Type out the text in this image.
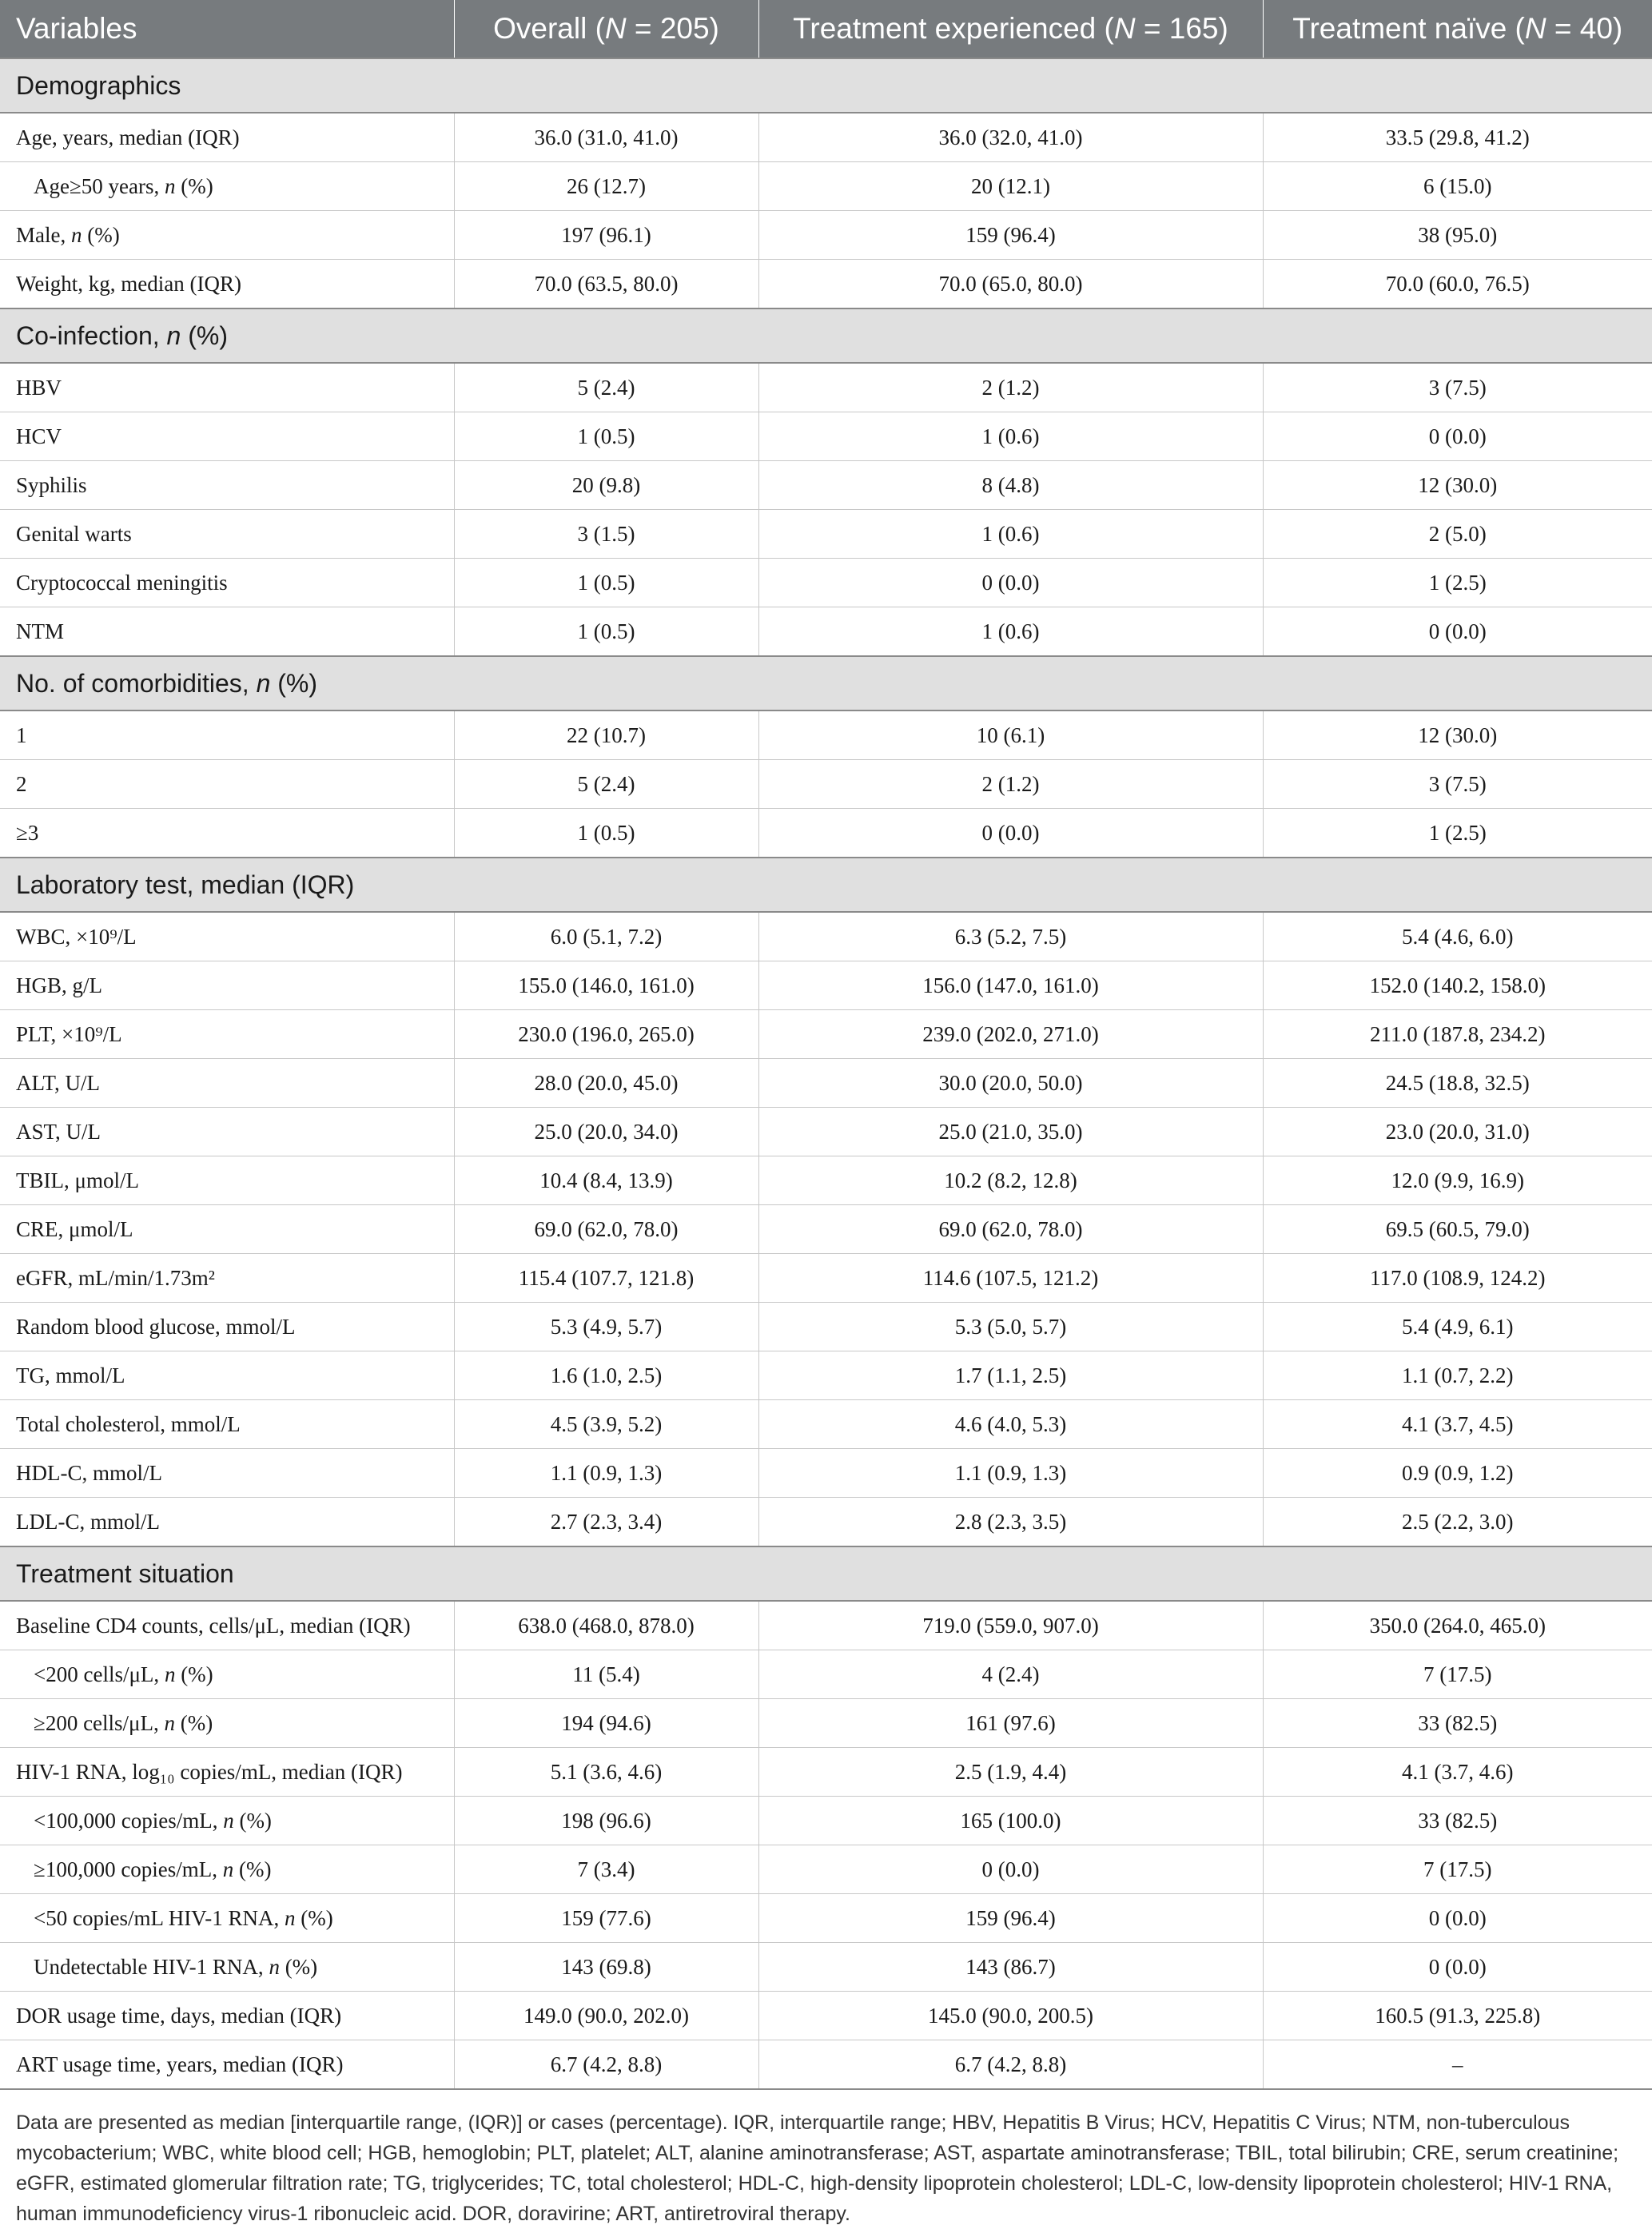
Variables	Overall (N = 205)	Treatment experienced (N = 165)	Treatment naïve (N = 40)
Demographics			
Age, years, median (IQR)	36.0 (31.0, 41.0)	36.0 (32.0, 41.0)	33.5 (29.8, 41.2)
Age≥50 years, n (%)	26 (12.7)	20 (12.1)	6 (15.0)
Male, n (%)	197 (96.1)	159 (96.4)	38 (95.0)
Weight, kg, median (IQR)	70.0 (63.5, 80.0)	70.0 (65.0, 80.0)	70.0 (60.0, 76.5)
Co-infection, n (%)			
HBV	5 (2.4)	2 (1.2)	3 (7.5)
HCV	1 (0.5)	1 (0.6)	0 (0.0)
Syphilis	20 (9.8)	8 (4.8)	12 (30.0)
Genital warts	3 (1.5)	1 (0.6)	2 (5.0)
Cryptococcal meningitis	1 (0.5)	0 (0.0)	1 (2.5)
NTM	1 (0.5)	1 (0.6)	0 (0.0)
No. of comorbidities, n (%)			
1	22 (10.7)	10 (6.1)	12 (30.0)
2	5 (2.4)	2 (1.2)	3 (7.5)
≥3	1 (0.5)	0 (0.0)	1 (2.5)
Laboratory test, median (IQR)			
WBC, ×10⁹/L	6.0 (5.1, 7.2)	6.3 (5.2, 7.5)	5.4 (4.6, 6.0)
HGB, g/L	155.0 (146.0, 161.0)	156.0 (147.0, 161.0)	152.0 (140.2, 158.0)
PLT, ×10⁹/L	230.0 (196.0, 265.0)	239.0 (202.0, 271.0)	211.0 (187.8, 234.2)
ALT, U/L	28.0 (20.0, 45.0)	30.0 (20.0, 50.0)	24.5 (18.8, 32.5)
AST, U/L	25.0 (20.0, 34.0)	25.0 (21.0, 35.0)	23.0 (20.0, 31.0)
TBIL, μmol/L	10.4 (8.4, 13.9)	10.2 (8.2, 12.8)	12.0 (9.9, 16.9)
CRE, μmol/L	69.0 (62.0, 78.0)	69.0 (62.0, 78.0)	69.5 (60.5, 79.0)
eGFR, mL/min/1.73m²	115.4 (107.7, 121.8)	114.6 (107.5, 121.2)	117.0 (108.9, 124.2)
Random blood glucose, mmol/L	5.3 (4.9, 5.7)	5.3 (5.0, 5.7)	5.4 (4.9, 6.1)
TG, mmol/L	1.6 (1.0, 2.5)	1.7 (1.1, 2.5)	1.1 (0.7, 2.2)
Total cholesterol, mmol/L	4.5 (3.9, 5.2)	4.6 (4.0, 5.3)	4.1 (3.7, 4.5)
HDL-C, mmol/L	1.1 (0.9, 1.3)	1.1 (0.9, 1.3)	0.9 (0.9, 1.2)
LDL-C, mmol/L	2.7 (2.3, 3.4)	2.8 (2.3, 3.5)	2.5 (2.2, 3.0)
Treatment situation			
Baseline CD4 counts, cells/μL, median (IQR)	638.0 (468.0, 878.0)	719.0 (559.0, 907.0)	350.0 (264.0, 465.0)
<200 cells/μL, n (%)	11 (5.4)	4 (2.4)	7 (17.5)
≥200 cells/μL, n (%)	194 (94.6)	161 (97.6)	33 (82.5)
HIV-1 RNA, log₁₀ copies/mL, median (IQR)	5.1 (3.6, 4.6)	2.5 (1.9, 4.4)	4.1 (3.7, 4.6)
<100,000 copies/mL, n (%)	198 (96.6)	165 (100.0)	33 (82.5)
≥100,000 copies/mL, n (%)	7 (3.4)	0 (0.0)	7 (17.5)
<50 copies/mL HIV-1 RNA, n (%)	159 (77.6)	159 (96.4)	0 (0.0)
Undetectable HIV-1 RNA, n (%)	143 (69.8)	143 (86.7)	0 (0.0)
DOR usage time, days, median (IQR)	149.0 (90.0, 202.0)	145.0 (90.0, 200.5)	160.5 (91.3, 225.8)
ART usage time, years, median (IQR)	6.7 (4.2, 8.8)	6.7 (4.2, 8.8)	–
Data are presented as median [interquartile range, (IQR)] or cases (percentage). IQR, interquartile range; HBV, Hepatitis B Virus; HCV, Hepatitis C Virus; NTM, non-tuberculous mycobacterium; WBC, white blood cell; HGB, hemoglobin; PLT, platelet; ALT, alanine aminotransferase; AST, aspartate aminotransferase; TBIL, total bilirubin; CRE, serum creatinine; eGFR, estimated glomerular filtration rate; TG, triglycerides; TC, total cholesterol; HDL-C, high-density lipoprotein cholesterol; LDL-C, low-density lipoprotein cholesterol; HIV-1 RNA, human immunodeficiency virus-1 ribonucleic acid. DOR, doravirine; ART, antiretroviral therapy.
